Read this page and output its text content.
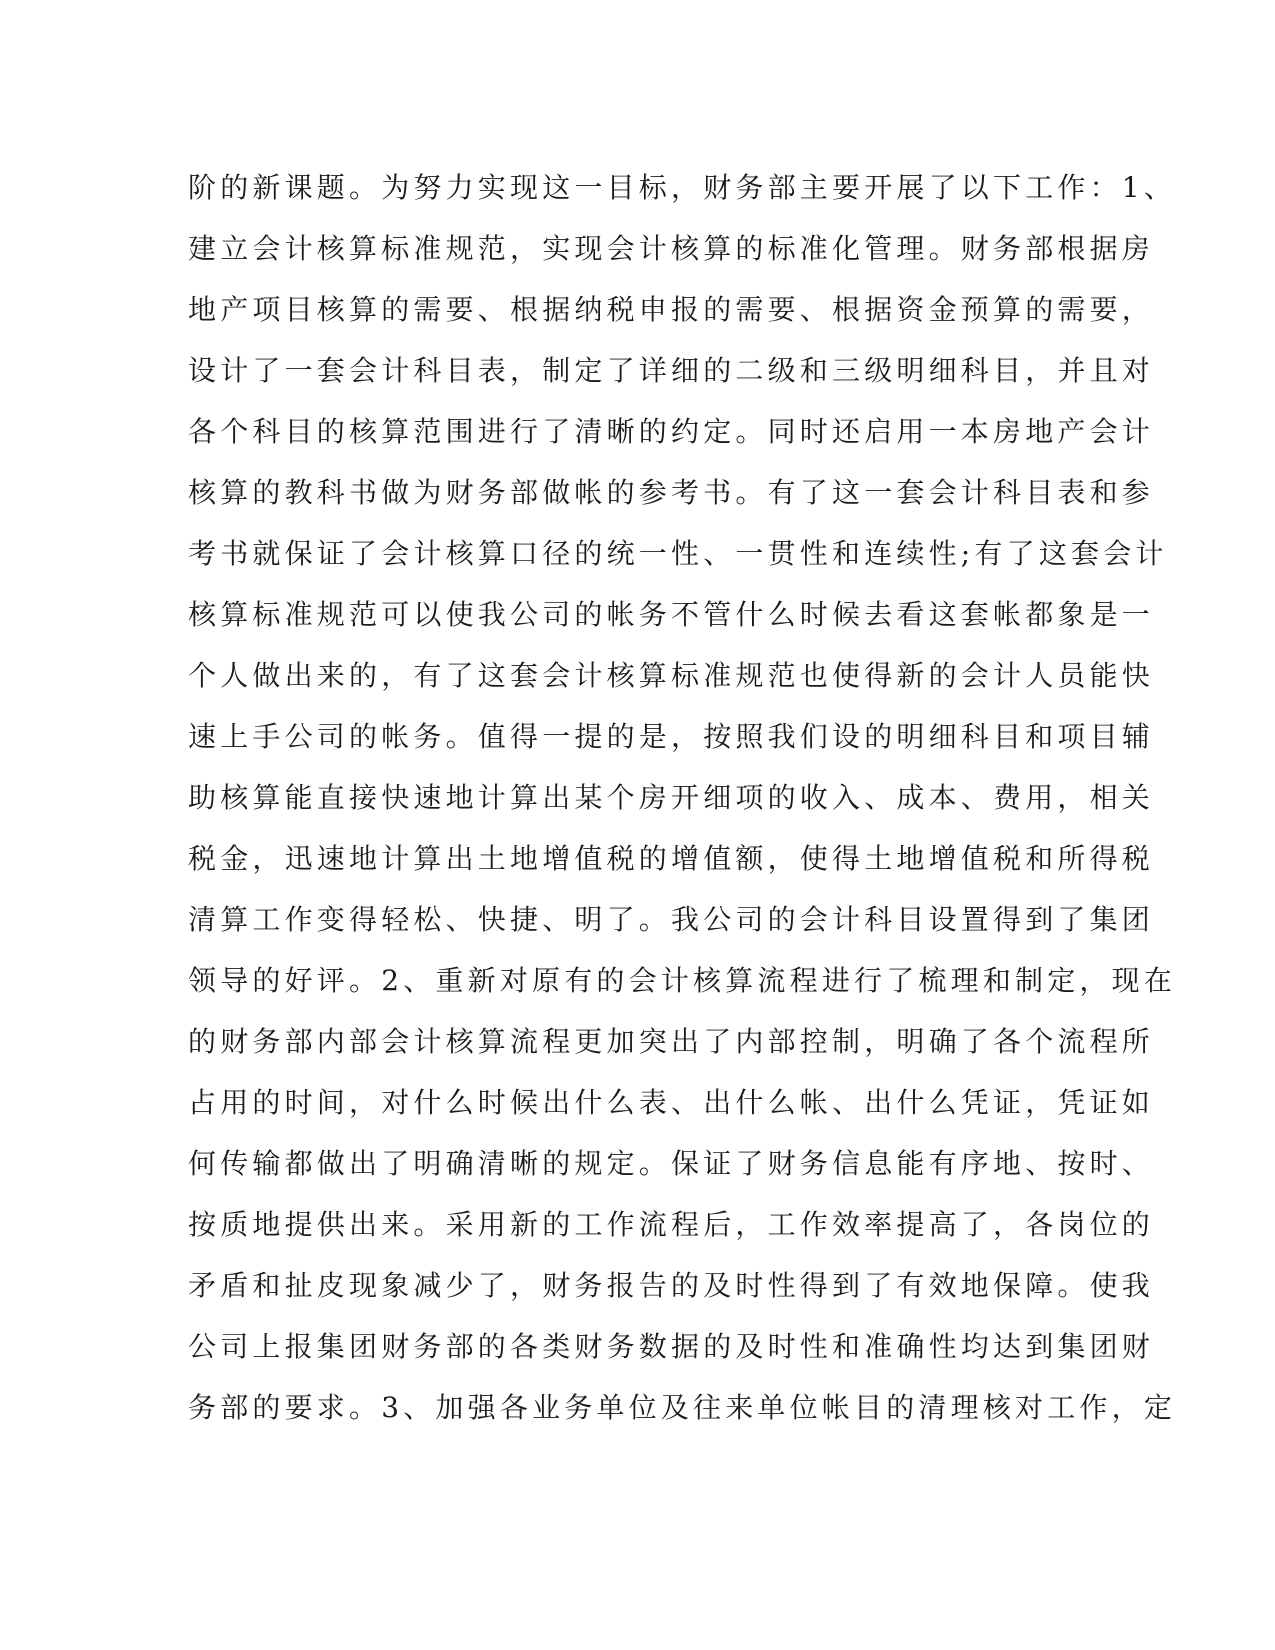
阶的新课题。为努力实现这一目标，财务部主要开展了以下工作：1、
建立会计核算标准规范，实现会计核算的标准化管理。财务部根据房
地产项目核算的需要、根据纳税申报的需要、根据资金预算的需要，
设计了一套会计科目表，制定了详细的二级和三级明细科目，并且对
各个科目的核算范围进行了清晰的约定。同时还启用一本房地产会计
核算的教科书做为财务部做帐的参考书。有了这一套会计科目表和参
考书就保证了会计核算口径的统一性、一贯性和连续性;有了这套会计
核算标准规范可以使我公司的帐务不管什么时候去看这套帐都象是一
个人做出来的，有了这套会计核算标准规范也使得新的会计人员能快
速上手公司的帐务。值得一提的是，按照我们设的明细科目和项目辅
助核算能直接快速地计算出某个房开细项的收入、成本、费用，相关
税金，迅速地计算出土地增值税的增值额，使得土地增值税和所得税
清算工作变得轻松、快捷、明了。我公司的会计科目设置得到了集团
领导的好评。2、重新对原有的会计核算流程进行了梳理和制定，现在
的财务部内部会计核算流程更加突出了内部控制，明确了各个流程所
占用的时间，对什么时候出什么表、出什么帐、出什么凭证，凭证如
何传输都做出了明确清晰的规定。保证了财务信息能有序地、按时、
按质地提供出来。采用新的工作流程后，工作效率提高了，各岗位的
矛盾和扯皮现象减少了，财务报告的及时性得到了有效地保障。使我
公司上报集团财务部的各类财务数据的及时性和准确性均达到集团财
务部的要求。3、加强各业务单位及往来单位帐目的清理核对工作，定
